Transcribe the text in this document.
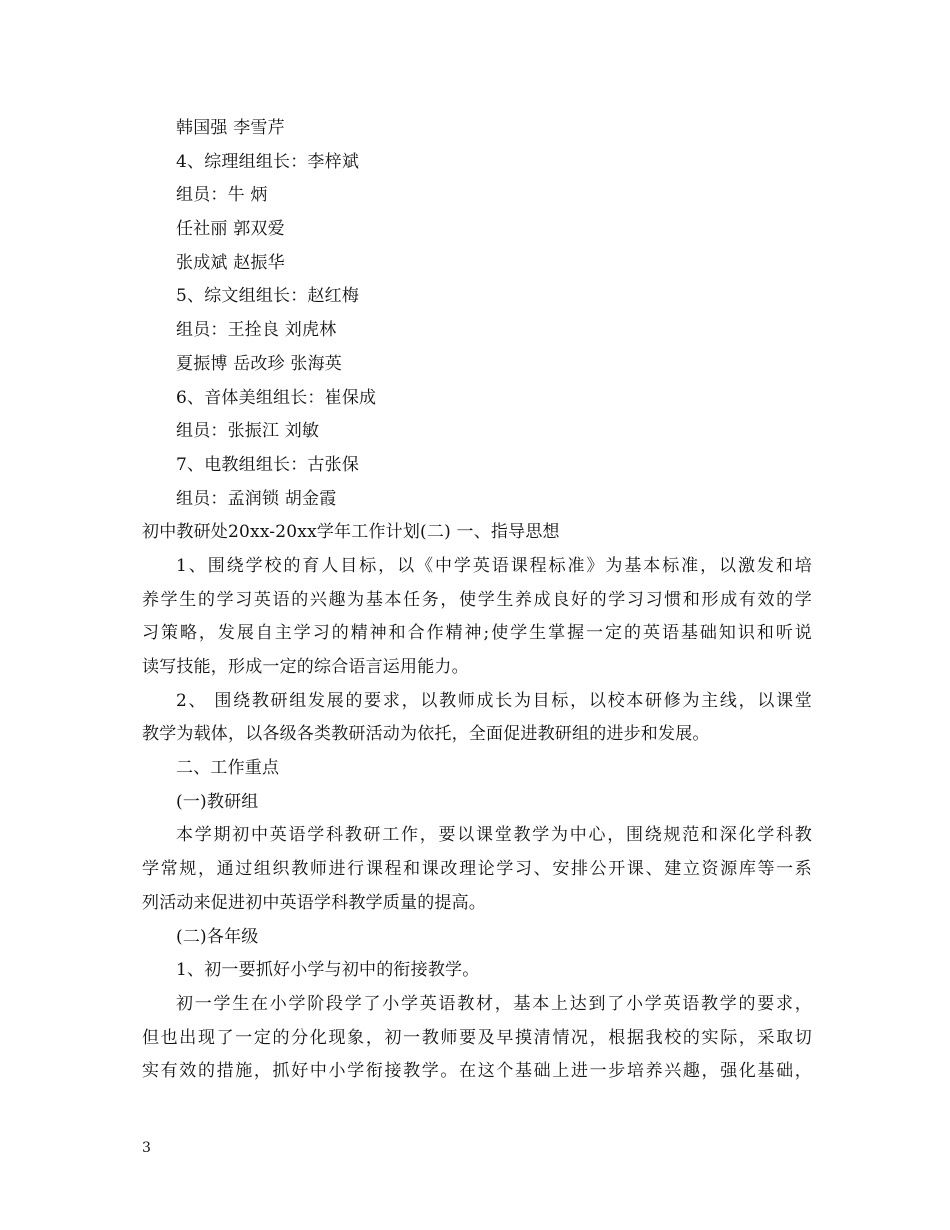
韩国强 李雪芹
4、综理组组长：李梓斌
组员：牛 炳
任社丽 郭双爱
张成斌 赵振华
5、综文组组长：赵红梅
组员：王拴良 刘虎林
夏振博 岳改珍 张海英
6、音体美组组长：崔保成
组员：张振江 刘敏
7、电教组组长：古张保
组员：孟润锁 胡金霞
初中教研处20xx-20xx学年工作计划(二) 一、指导思想
1、围绕学校的育人目标，以《中学英语课程标准》为基本标准，以激发和培
养学生的学习英语的兴趣为基本任务，使学生养成良好的学习习惯和形成有效的学
习策略，发展自主学习的精神和合作精神;使学生掌握一定的英语基础知识和听说
读写技能，形成一定的综合语言运用能力。
2、 围绕教研组发展的要求，以教师成长为目标，以校本研修为主线，以课堂
教学为载体，以各级各类教研活动为依托，全面促进教研组的进步和发展。
二、工作重点
(一)教研组
本学期初中英语学科教研工作，要以课堂教学为中心，围绕规范和深化学科教
学常规，通过组织教师进行课程和课改理论学习、安排公开课、建立资源库等一系
列活动来促进初中英语学科教学质量的提高。
(二)各年级
1、初一要抓好小学与初中的衔接教学。
初一学生在小学阶段学了小学英语教材，基本上达到了小学英语教学的要求，
但也出现了一定的分化现象，初一教师要及早摸清情况，根据我校的实际，采取切
实有效的措施，抓好中小学衔接教学。在这个基础上进一步培养兴趣，强化基础，
3
